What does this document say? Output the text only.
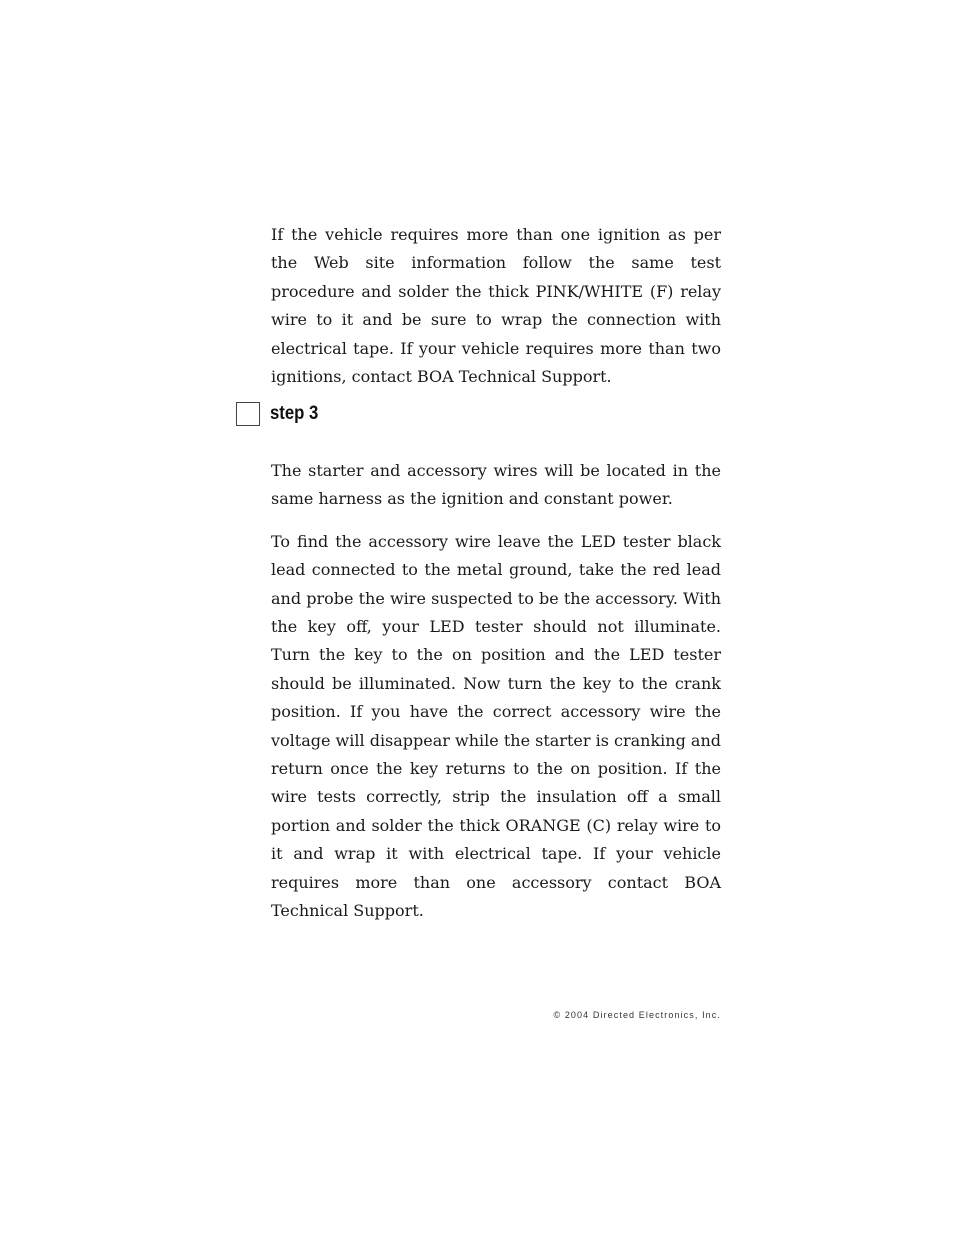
If the vehicle requires more than one ignition as per the Web site information follow the same test procedure and solder the thick PINK/WHITE (F) relay wire to it and be sure to wrap the connection with electrical tape. If your vehicle requires more than two ignitions, contact BOA Technical Support.

step 3

The starter and accessory wires will be located in the same harness as the ignition and constant power.

To find the accessory wire leave the LED tester black lead connected to the metal ground, take the red lead and probe the wire suspected to be the accessory. With the key off, your LED tester should not illuminate. Turn the key to the on position and the LED tester should be illuminated. Now turn the key to the crank position. If you have the correct accessory wire the voltage will disappear while the starter is cranking and return once the key returns to the on position. If the wire tests correctly, strip the insulation off a small portion and solder the thick ORANGE (C) relay wire to it and wrap it with electrical tape. If your vehicle requires more than one accessory contact BOA Technical Support.

© 2004 Directed Electronics, Inc.
